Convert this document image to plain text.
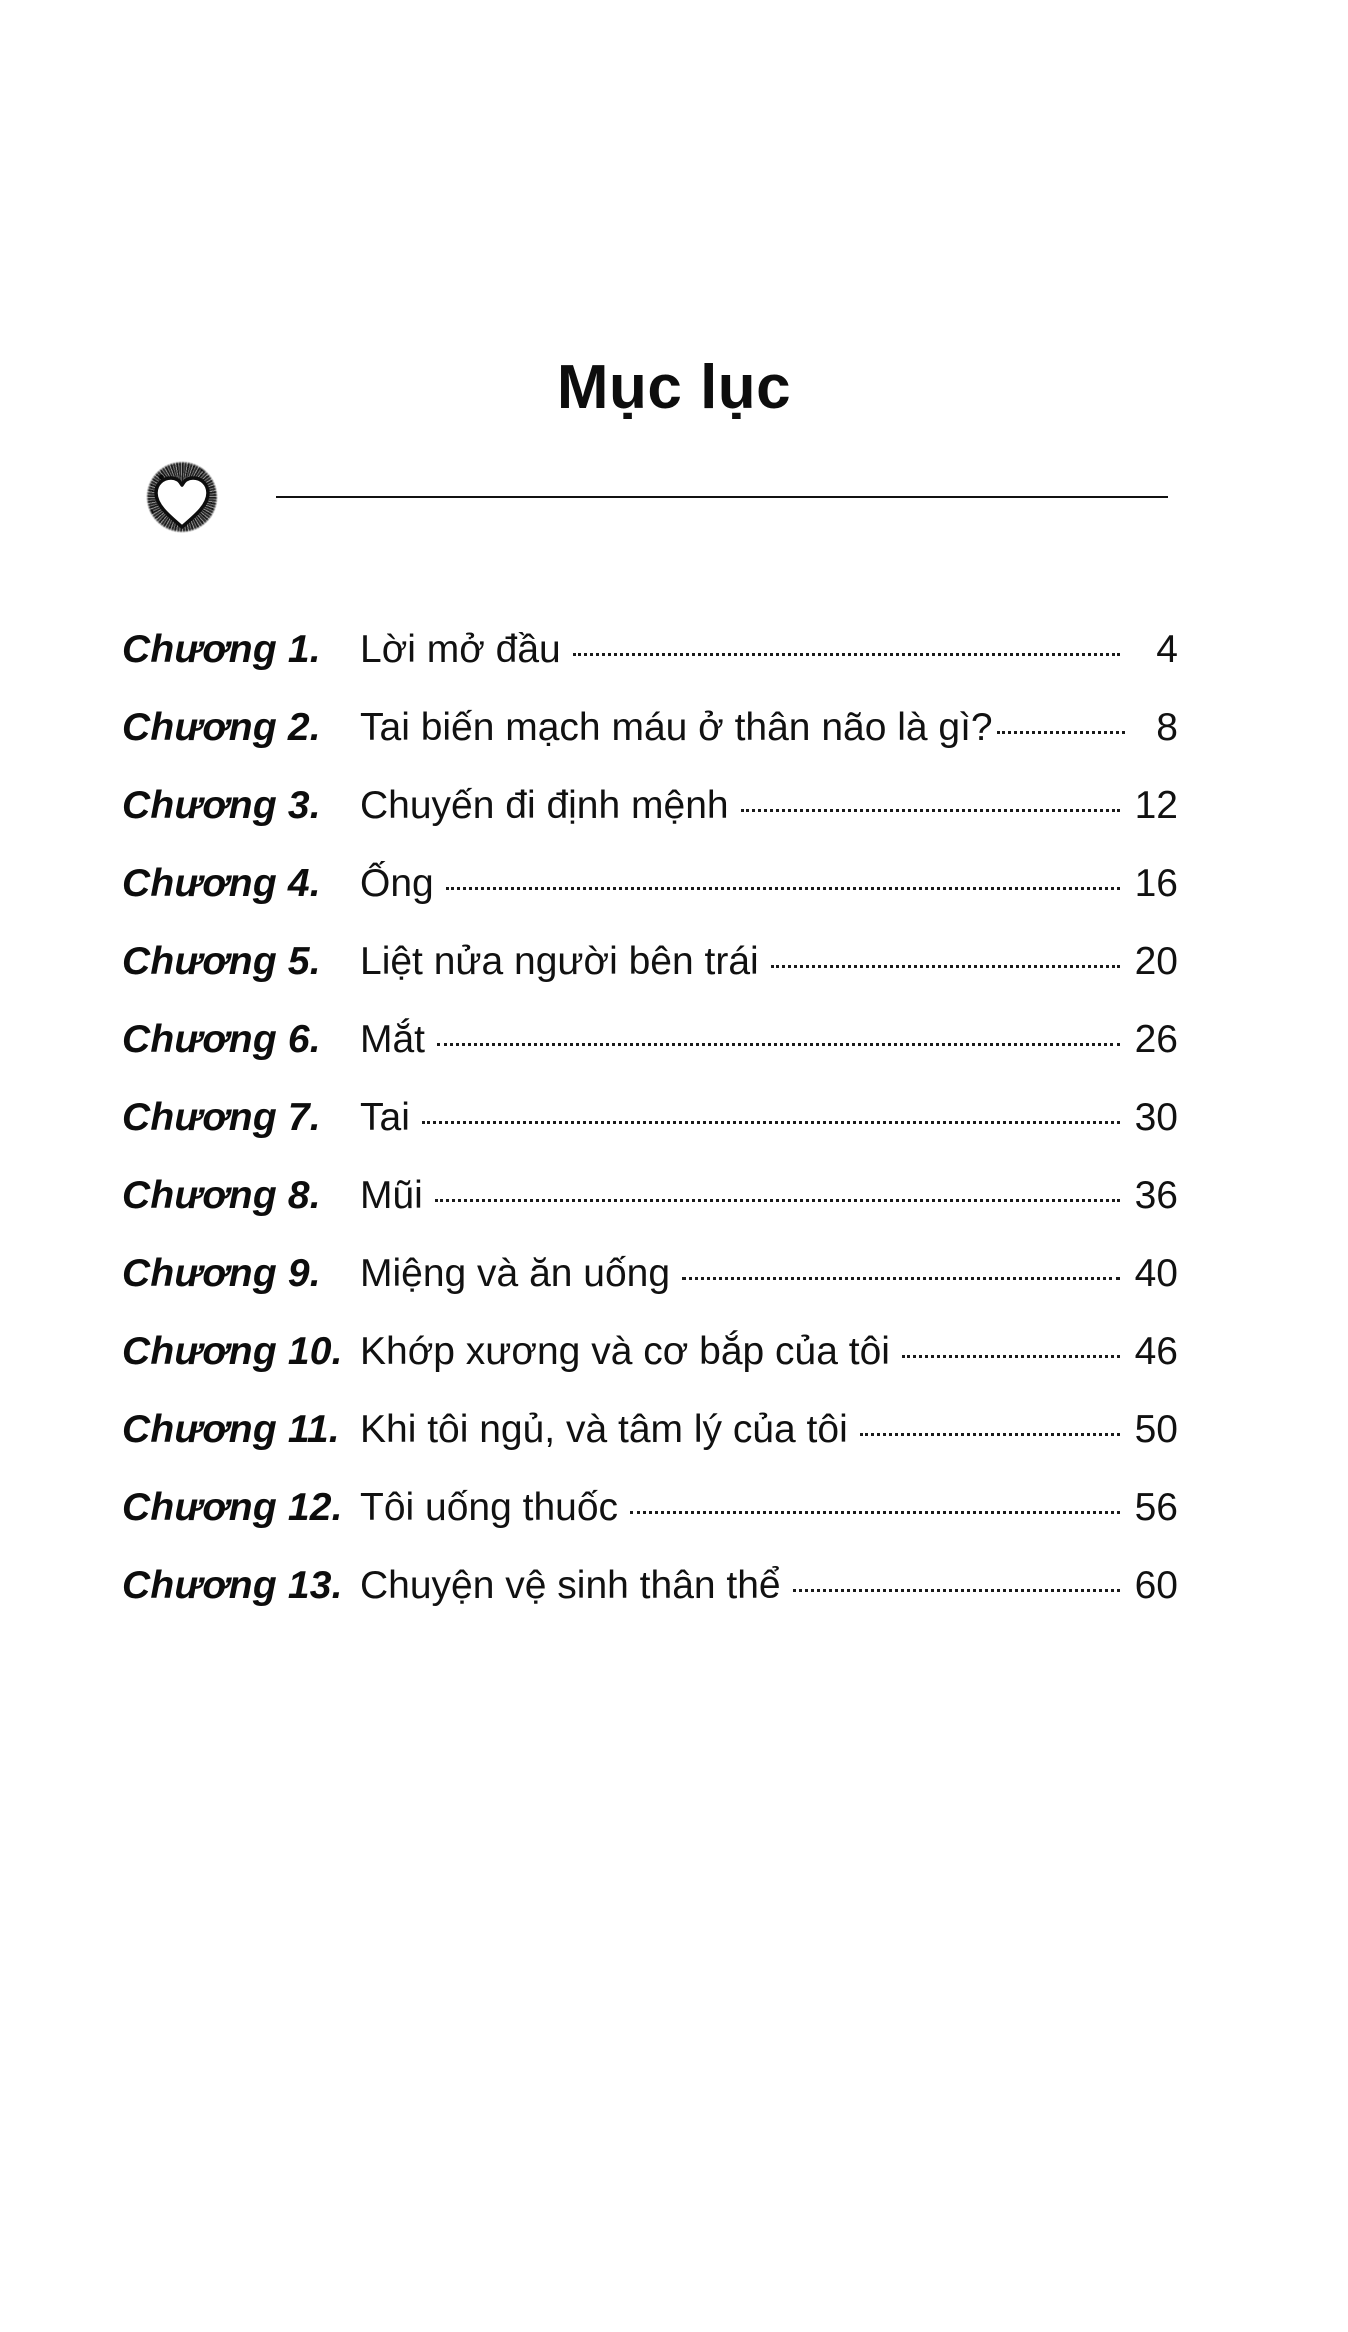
Mục lục
Chương 1.	Lời mở đầu	4
Chương 2.	Tai biến mạch máu ở thân não là gì?	8
Chương 3.	Chuyến đi định mệnh	12
Chương 4.	Ống	16
Chương 5.	Liệt nửa người bên trái	20
Chương 6.	Mắt	26
Chương 7.	Tai	30
Chương 8.	Mũi	36
Chương 9.	Miệng và ăn uống	40
Chương 10. Khớp xương và cơ bắp của tôi	46
Chương 11. Khi tôi ngủ, và tâm lý của tôi	50
Chương 12. Tôi uống thuốc	56
Chương 13. Chuyện vệ sinh thân thể	60
